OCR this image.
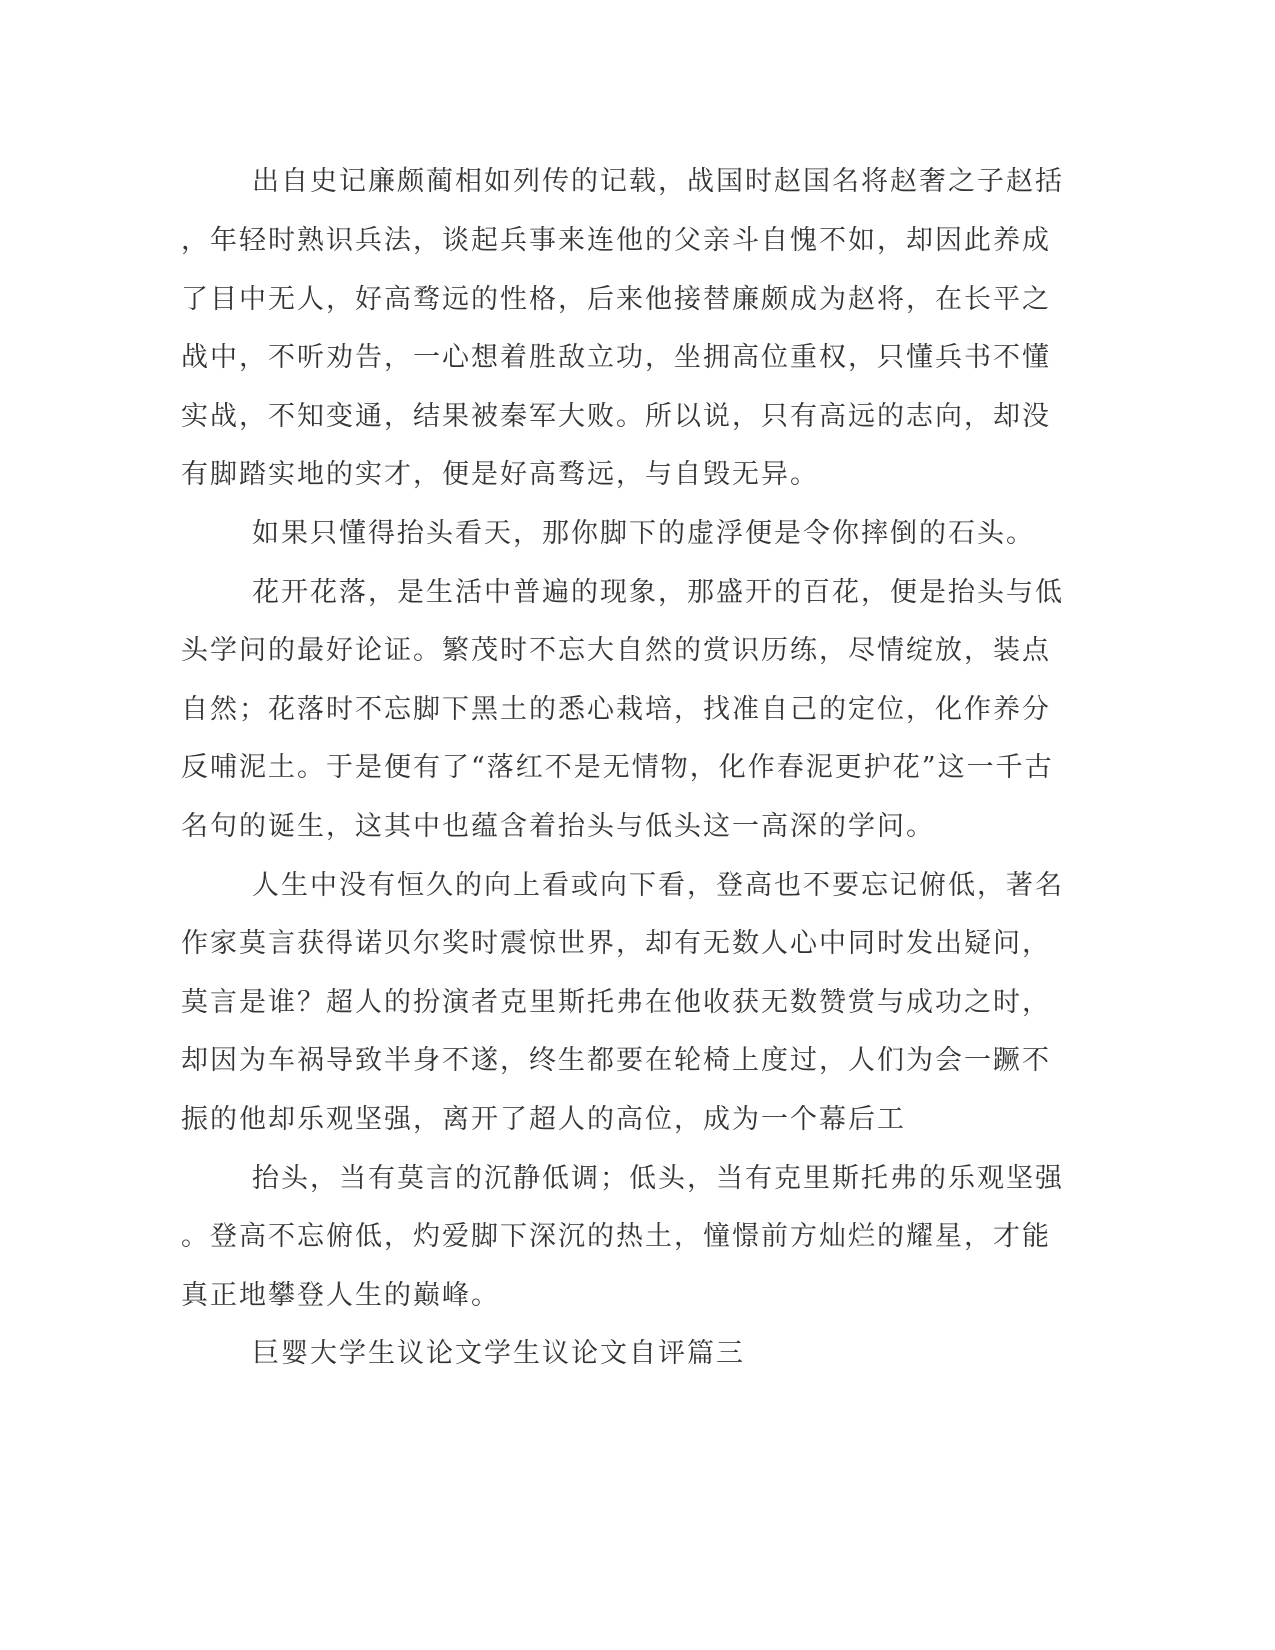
出自史记廉颇蔺相如列传的记载，战国时赵国名将赵奢之子赵括
，年轻时熟识兵法，谈起兵事来连他的父亲斗自愧不如，却因此养成
了目中无人，好高骛远的性格，后来他接替廉颇成为赵将，在长平之
战中，不听劝告，一心想着胜敌立功，坐拥高位重权，只懂兵书不懂
实战，不知变通，结果被秦军大败。所以说，只有高远的志向，却没
有脚踏实地的实才，便是好高骛远，与自毁无异。
如果只懂得抬头看天，那你脚下的虚浮便是令你摔倒的石头。
花开花落，是生活中普遍的现象，那盛开的百花，便是抬头与低
头学问的最好论证。繁茂时不忘大自然的赏识历练，尽情绽放，装点
自然；花落时不忘脚下黑土的悉心栽培，找准自己的定位，化作养分
反哺泥土。于是便有了“落红不是无情物，化作春泥更护花”这一千古
名句的诞生，这其中也蕴含着抬头与低头这一高深的学问。
人生中没有恒久的向上看或向下看，登高也不要忘记俯低，著名
作家莫言获得诺贝尔奖时震惊世界，却有无数人心中同时发出疑问，
莫言是谁？超人的扮演者克里斯托弗在他收获无数赞赏与成功之时，
却因为车祸导致半身不遂，终生都要在轮椅上度过，人们为会一蹶不
振的他却乐观坚强，离开了超人的高位，成为一个幕后工
抬头，当有莫言的沉静低调；低头，当有克里斯托弗的乐观坚强
。登高不忘俯低，灼爱脚下深沉的热土，憧憬前方灿烂的耀星，才能
真正地攀登人生的巅峰。
巨婴大学生议论文学生议论文自评篇三
